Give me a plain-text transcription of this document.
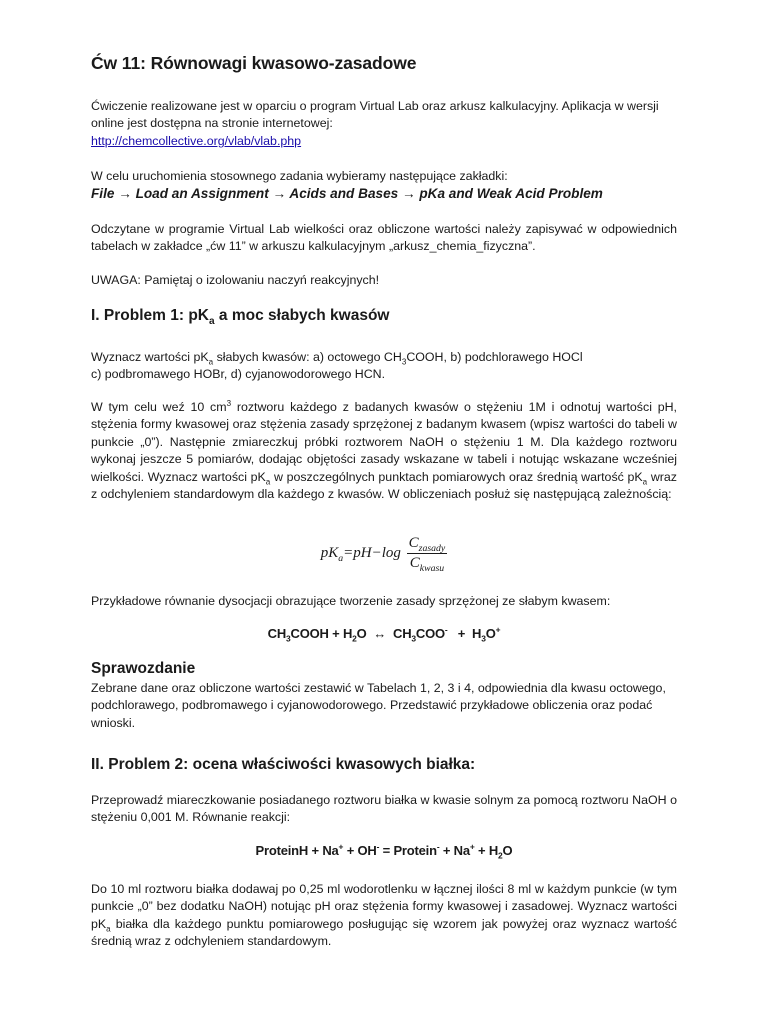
Ćw 11: Równowagi kwasowo-zasadowe
Ćwiczenie realizowane jest w oparciu o program Virtual Lab oraz arkusz kalkulacyjny. Aplikacja w wersji online jest dostępna na stronie internetowej:
http://chemcollective.org/vlab/vlab.php
W celu uruchomienia stosownego zadania wybieramy następujące zakładki:
File → Load an Assignment → Acids and Bases → pKa and Weak Acid Problem
Odczytane w programie Virtual Lab wielkości oraz obliczone wartości należy zapisywać w odpowiednich tabelach w zakładce „ćw 11” w arkuszu kalkulacyjnym „arkusz_chemia_fizyczna”.
UWAGA: Pamiętaj o izolowaniu naczyń reakcyjnych!
I. Problem 1: $pK_a$ a moc słabych kwasów
Wyznacz wartości $pK_a$ słabych kwasów: a) octowego $CH_3COOH$, b) podchlorawego HOCl
c) podbromawego HOBr, d) cyjanowodorowego HCN.
W tym celu weź 10 $cm^3$ roztworu każdego z badanych kwasów o stężeniu 1M i odnotuj wartości pH, stężenia formy kwasowej oraz stężenia zasady sprzężonej z badanym kwasem (wpisz wartości do tabeli w punkcie „0”). Następnie zmiareczkuj próbki roztworem NaOH o stężeniu 1 M. Dla każdego roztworu wykonaj jeszcze 5 pomiarów, dodając objętości zasady wskazane w tabeli i notując wskazane wcześniej wielkości. Wyznacz wartości $pK_a$ w poszczególnych punktach pomiarowych oraz średnią wartość $pK_a$ wraz z odchyleniem standardowym dla każdego z kwasów. W obliczeniach posłuż się następującą zależnością:
$pK_a=pH-\log \frac{C_{zasady}}{C_{kwasu}}$
Przykładowe równanie dysocjacji obrazujące tworzenie zasady sprzężonej ze słabym kwasem:
$CH_3COOH + H_2O$  ↔  $CH_3COO^- + H_3O^+$
Sprawozdanie
Zebrane dane oraz obliczone wartości zestawić w Tabelach 1, 2, 3 i 4, odpowiednia dla kwasu octowego, podchlorawego, podbromawego i cyjanowodorowego. Przedstawić przykładowe obliczenia oraz podać wnioski.
II. Problem 2: ocena właściwości kwasowych białka:
Przeprowadź miareczkowanie posiadanego roztworu białka w kwasie solnym za pomocą roztworu NaOH o stężeniu 0,001 M. Równanie reakcji:
ProteinH + Na+ + OH- = Protein- + $Na^+ + H_2O$
Do 10 ml roztworu białka dodawaj po 0,25 ml wodorotlenku w łącznej ilości 8 ml w każdym punkcie (w tym punkcie „0” bez dodatku NaOH) notując pH oraz stężenia formy kwasowej i zasadowej. Wyznacz wartości $pK_a$ białka dla każdego punktu pomiarowego posługując się wzorem jak powyżej oraz wyznacz wartość średnią wraz z odchyleniem standardowym.
